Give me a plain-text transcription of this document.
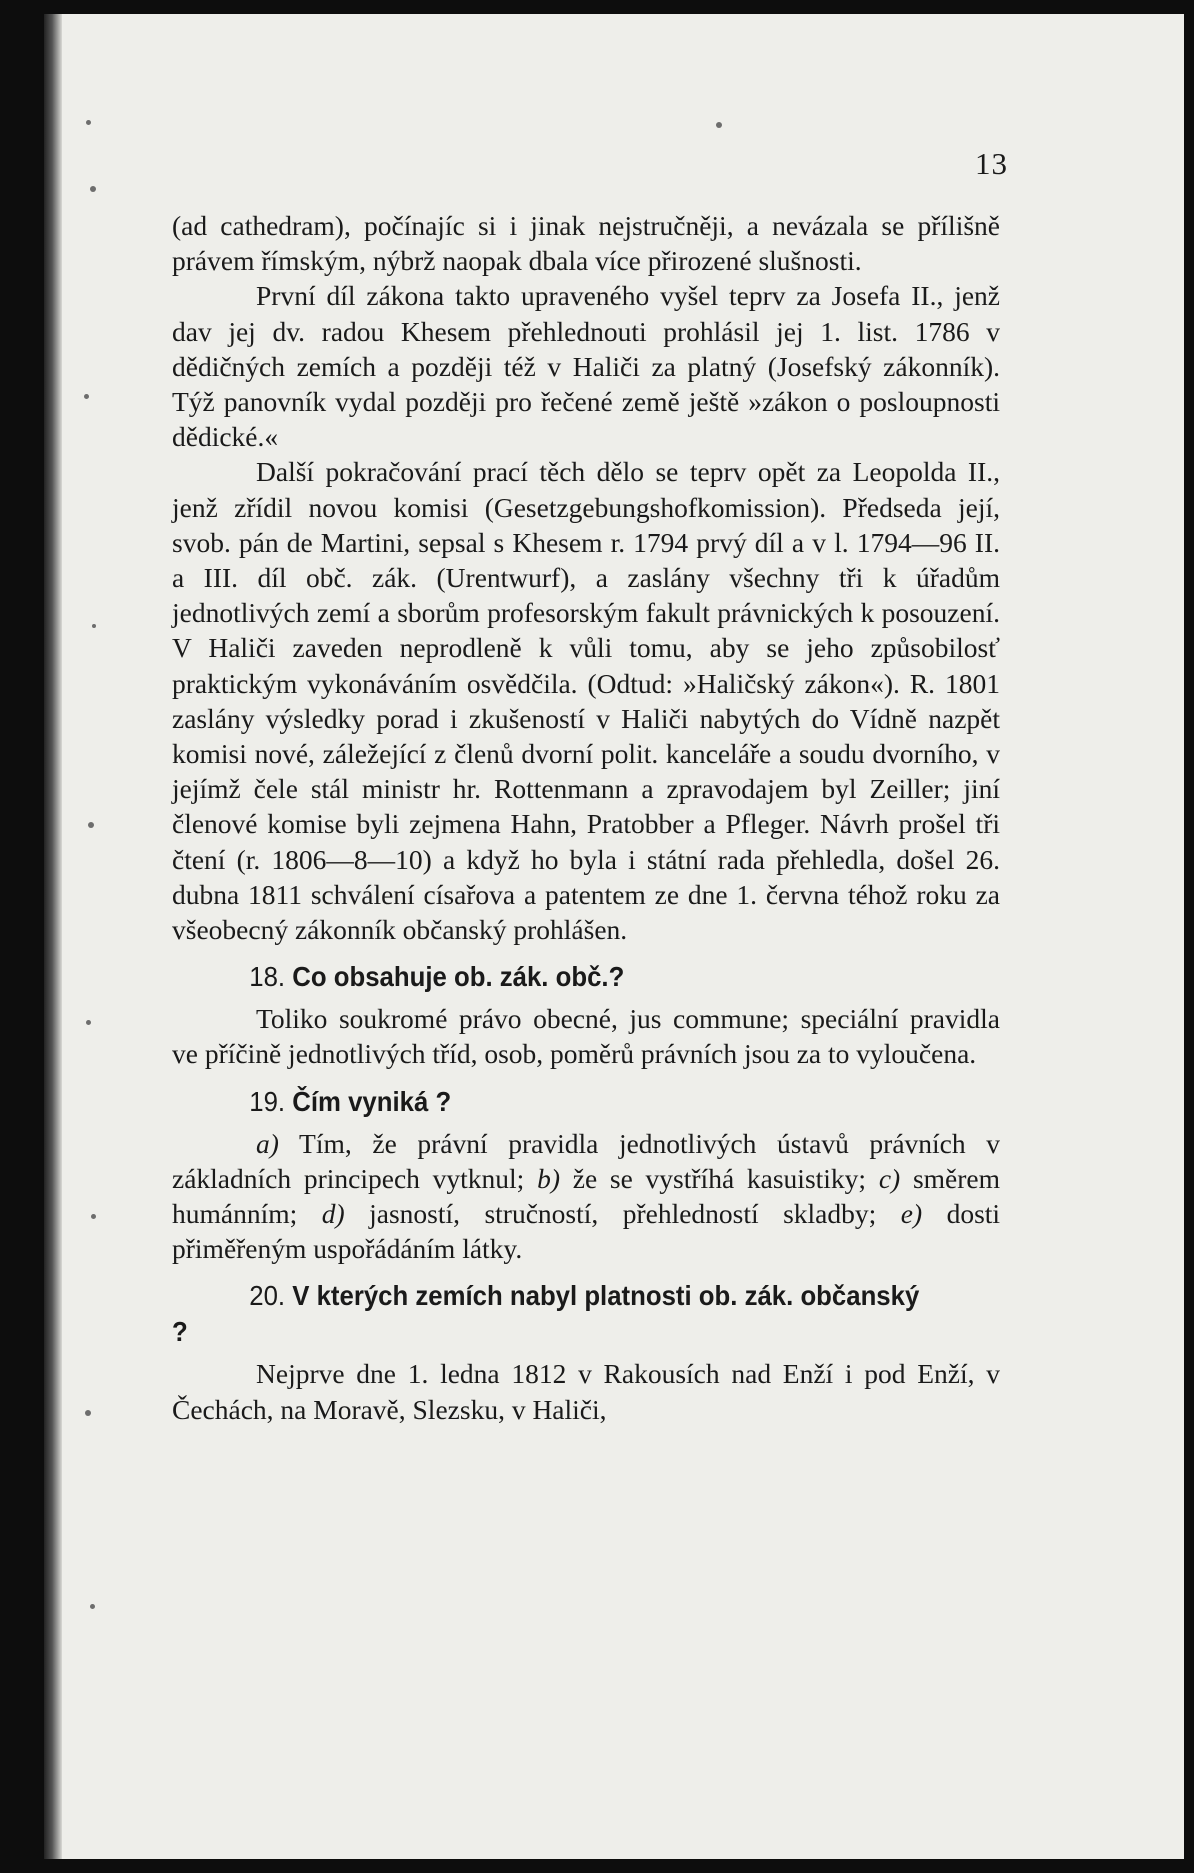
13

(ad cathedram), počínajíc si i jinak nejstručněji, a nevázala se přílišně právem římským, nýbrž naopak dbala více přirozené slušnosti.

První díl zákona takto upraveného vyšel teprv za Josefa II., jenž dav jej dv. radou Khesem přehlednouti prohlásil jej 1. list. 1786 v dědičných zemích a později též v Haliči za platný (Josefský zákonník). Týž panovník vydal později pro řečené země ještě »zákon o posloupnosti dědické.«

Další pokračování prací těch dělo se teprv opět za Leopolda II., jenž zřídil novou komisi (Gesetzgebungshofkomission). Předseda její, svob. pán de Martini, sepsal s Khesem r. 1794 prvý díl a v l. 1794—96 II. a III. díl obč. zák. (Urentwurf), a zaslány všechny tři k úřadům jednotlivých zemí a sborům profesorským fakult právnických k posouzení. V Haliči zaveden neprodleně k vůli tomu, aby se jeho způsobilosť praktickým vykonáváním osvědčila. (Odtud: »Haličský zákon«). R. 1801 zaslány výsledky porad i zkušeností v Haliči nabytých do Vídně nazpět komisi nové, záležející z členů dvorní polit. kanceláře a soudu dvorního, v jejímž čele stál ministr hr. Rottenmann a zpravodajem byl Zeiller; jiní členové komise byli zejmena Hahn, Pratobber a Pfleger. Návrh prošel tři čtení (r. 1806—8—10) a když ho byla i státní rada přehledla, došel 26. dubna 1811 schválení císařova a patentem ze dne 1. června téhož roku za všeobecný zákonník občanský prohlášen.

18. Co obsahuje ob. zák. obč.?

Toliko soukromé právo obecné, jus commune; speciální pravidla ve příčině jednotlivých tříd, osob, poměrů právních jsou za to vyloučena.

19. Čím vyniká ?

a) Tím, že právní pravidla jednotlivých ústavů právních v základních principech vytknul; b) že se vystříhá kasuistiky; c) směrem humánním; d) jasností, stručností, přehledností skladby; e) dosti přiměřeným uspořádáním látky.

20. V kterých zemích nabyl platnosti ob. zák. občanský ?

Nejprve dne 1. ledna 1812 v Rakousích nad Enží i pod Enží, v Čechách, na Moravě, Slezsku, v Haliči,
